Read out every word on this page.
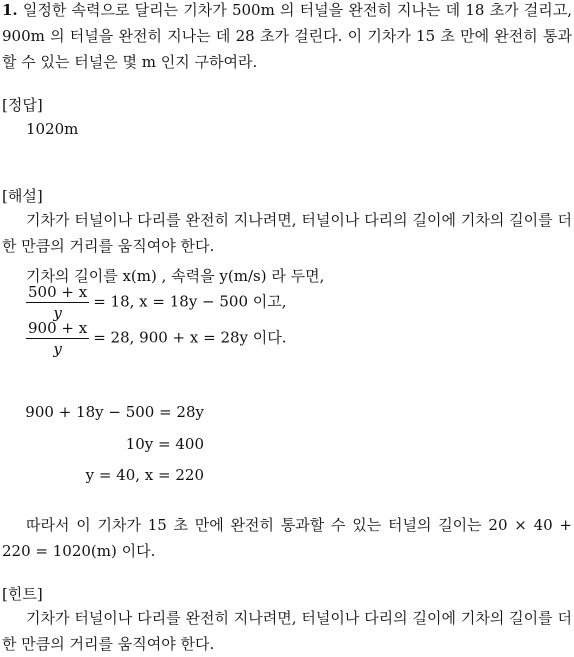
1. 일정한 속력으로 달리는 기차가 500m 의 터널을 완전히 지나는 데 18 초가 걸리고, 900m 의 터널을 완전히 지나는 데 28 초가 걸린다. 이 기차가 15 초 만에 완전히 통과할 수 있는 터널은 몇 m 인지 구하여라.
[정답]
1020m
[해설]
기차가 터널이나 다리를 완전히 지나려면, 터널이나 다리의 길이에 기차의 길이를 더한 만큼의 거리를 움직여야 한다.
기차의 길이를 x(m) , 속력을 y(m/s) 라 두면,
$\frac{500 + x}{y} = 18$, x = 18y − 500 이고,
$\frac{900 + x}{y} = 28$, 900 + x = 28y 이다.
900 + 18y − 500 = 28y
10y = 400
y = 40, x = 220
따라서 이 기차가 15 초 만에 완전히 통과할 수 있는 터널의 길이는 20 × 40 + 220 = 1020(m) 이다.
[힌트]
기차가 터널이나 다리를 완전히 지나려면, 터널이나 다리의 길이에 기차의 길이를 더한 만큼의 거리를 움직여야 한다.
